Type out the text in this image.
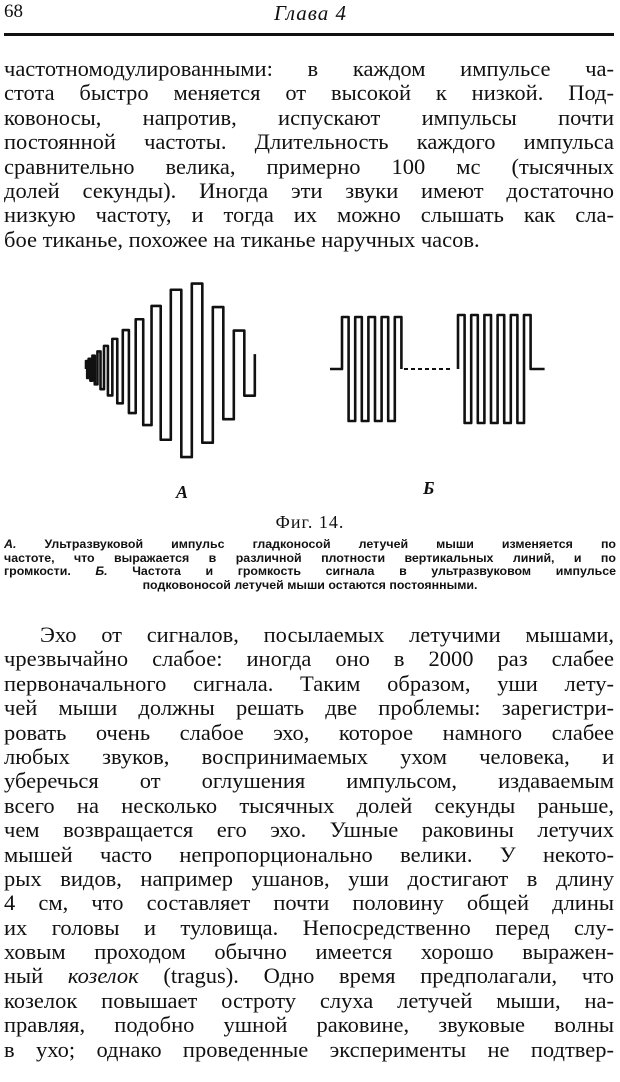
68	Глава 4
частотномодулированными: в каждом импульсе ча-
стота быстро меняется от высокой к низкой. Под-
ковоносы, напротив, испускают импульсы почти
постоянной частоты. Длительность каждого импульса
сравнительно велика, примерно 100 мс (тысячных
долей секунды). Иногда эти звуки имеют достаточно
низкую частоту, и тогда их можно слышать как сла-
бое тиканье, похожее на тиканье наручных часов.
А	Б
Фиг. 14.
А. Ультразвуковой импульс гладконосой летучей мыши изменяется по
частоте, что выражается в различной плотности вертикальных линий, и по
громкости. Б. Частота и громкость сигнала в ультразвуковом импульсе
подковоносой летучей мыши остаются постоянными.
Эхо от сигналов, посылаемых летучими мышами,
чрезвычайно слабое: иногда оно в 2000 раз слабее
первоначального сигнала. Таким образом, уши лету-
чей мыши должны решать две проблемы: зарегистри-
ровать очень слабое эхо, которое намного слабее
любых звуков, воспринимаемых ухом человека, и
уберечься от оглушения импульсом, издаваемым
всего на несколько тысячных долей секунды раньше,
чем возвращается его эхо. Ушные раковины летучих
мышей часто непропорционально велики. У некото-
рых видов, например ушанов, уши достигают в длину
4 см, что составляет почти половину общей длины
их головы и туловища. Непосредственно перед слу-
ховым проходом обычно имеется хорошо выражен-
ный козелок (tragus). Одно время предполагали, что
козелок повышает остроту слуха летучей мыши, на-
правляя, подобно ушной раковине, звуковые волны
в ухо; однако проведенные эксперименты не подтвер-
